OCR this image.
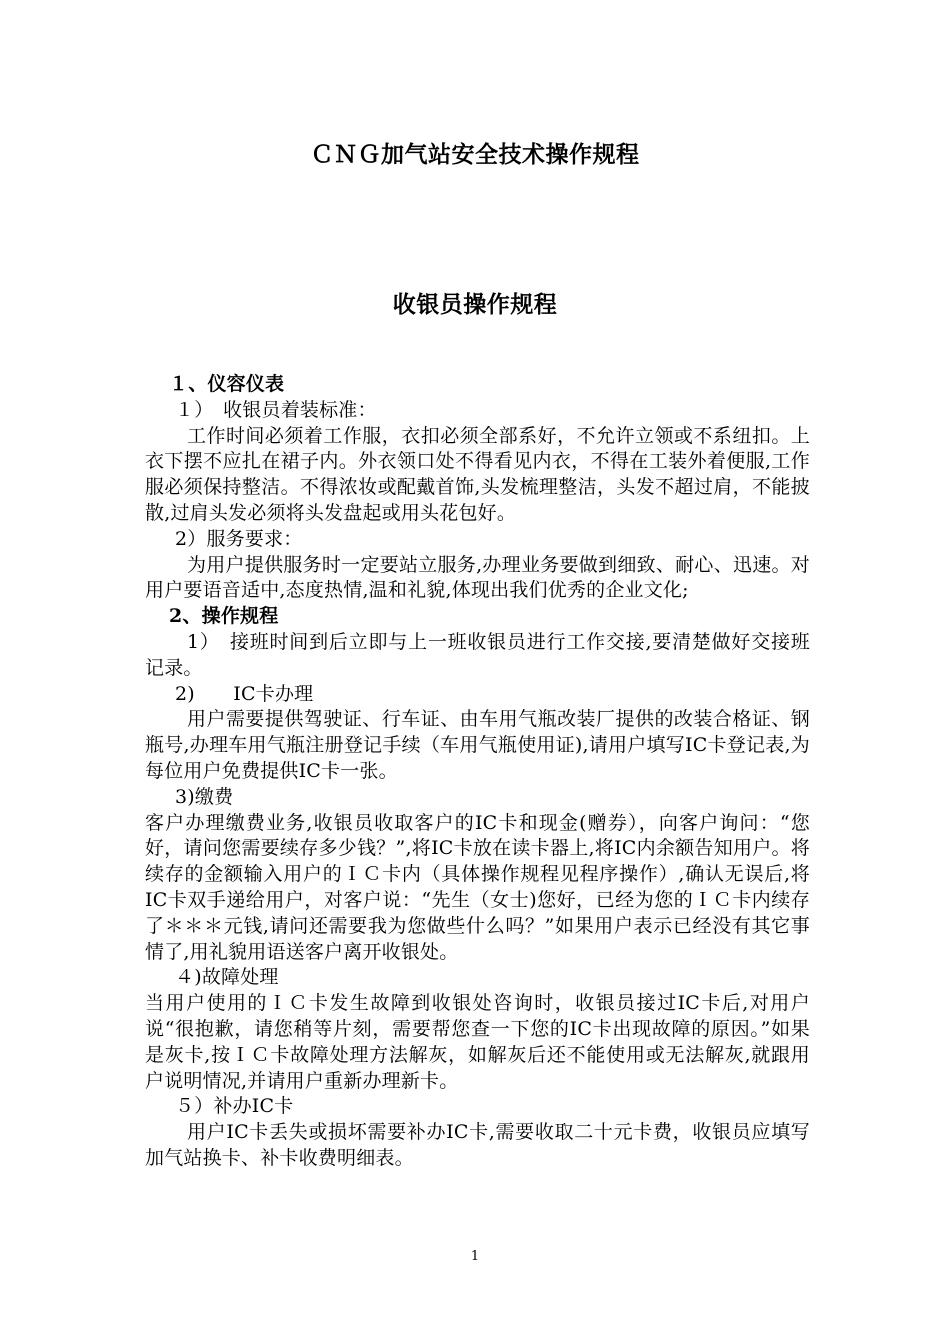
ＣＮＧ加气站安全技术操作规程
收银员操作规程

１、仪容仪表

１）　收银员着装标准：

工作时间必须着工作服，衣扣必须全部系好，不允许立领或不系纽扣。上衣下摆不应扎在裙子内。外衣领口处不得看见内衣，不得在工装外着便服,工作服必须保持整洁。不得浓妆或配戴首饰,头发梳理整洁，头发不超过肩，不能披散,过肩头发必须将头发盘起或用头花包好。

2）服务要求：

为用户提供服务时一定要站立服务,办理业务要做到细致、耐心、迅速。对用户要语音适中,态度热情,温和礼貌,体现出我们优秀的企业文化;

2、操作规程

1）　接班时间到后立即与上一班收银员进行工作交接,要清楚做好交接班记录。

2)　　IC卡办理

用户需要提供驾驶证、行车证、由车用气瓶改装厂提供的改装合格证、钢瓶号,办理车用气瓶注册登记手续（车用气瓶使用证),请用户填写IC卡登记表,为每位用户免费提供IC卡一张。

3)缴费

客户办理缴费业务,收银员收取客户的IC卡和现金(赠券），向客户询问：“您好，请问您需要续存多少钱？”,将IC卡放在读卡器上,将IC内余额告知用户。将续存的金额输入用户的ＩＣ卡内（具体操作规程见程序操作）,确认无误后,将IC卡双手递给用户，对客户说：“先生（女士)您好，已经为您的ＩＣ卡内续存了＊＊＊元钱,请问还需要我为您做些什么吗？”如果用户表示已经没有其它事情了,用礼貌用语送客户离开收银处。

４)故障处理

当用户使用的ＩＣ卡发生故障到收银处咨询时，收银员接过IC卡后,对用户说“很抱歉，请您稍等片刻，需要帮您查一下您的IC卡出现故障的原因。”如果是灰卡,按ＩＣ卡故障处理方法解灰，如解灰后还不能使用或无法解灰,就跟用户说明情况,并请用户重新办理新卡。

５）补办IC卡

用户IC卡丢失或损坏需要补办IC卡,需要收取二十元卡费，收银员应填写加气站换卡、补卡收费明细表。

1
